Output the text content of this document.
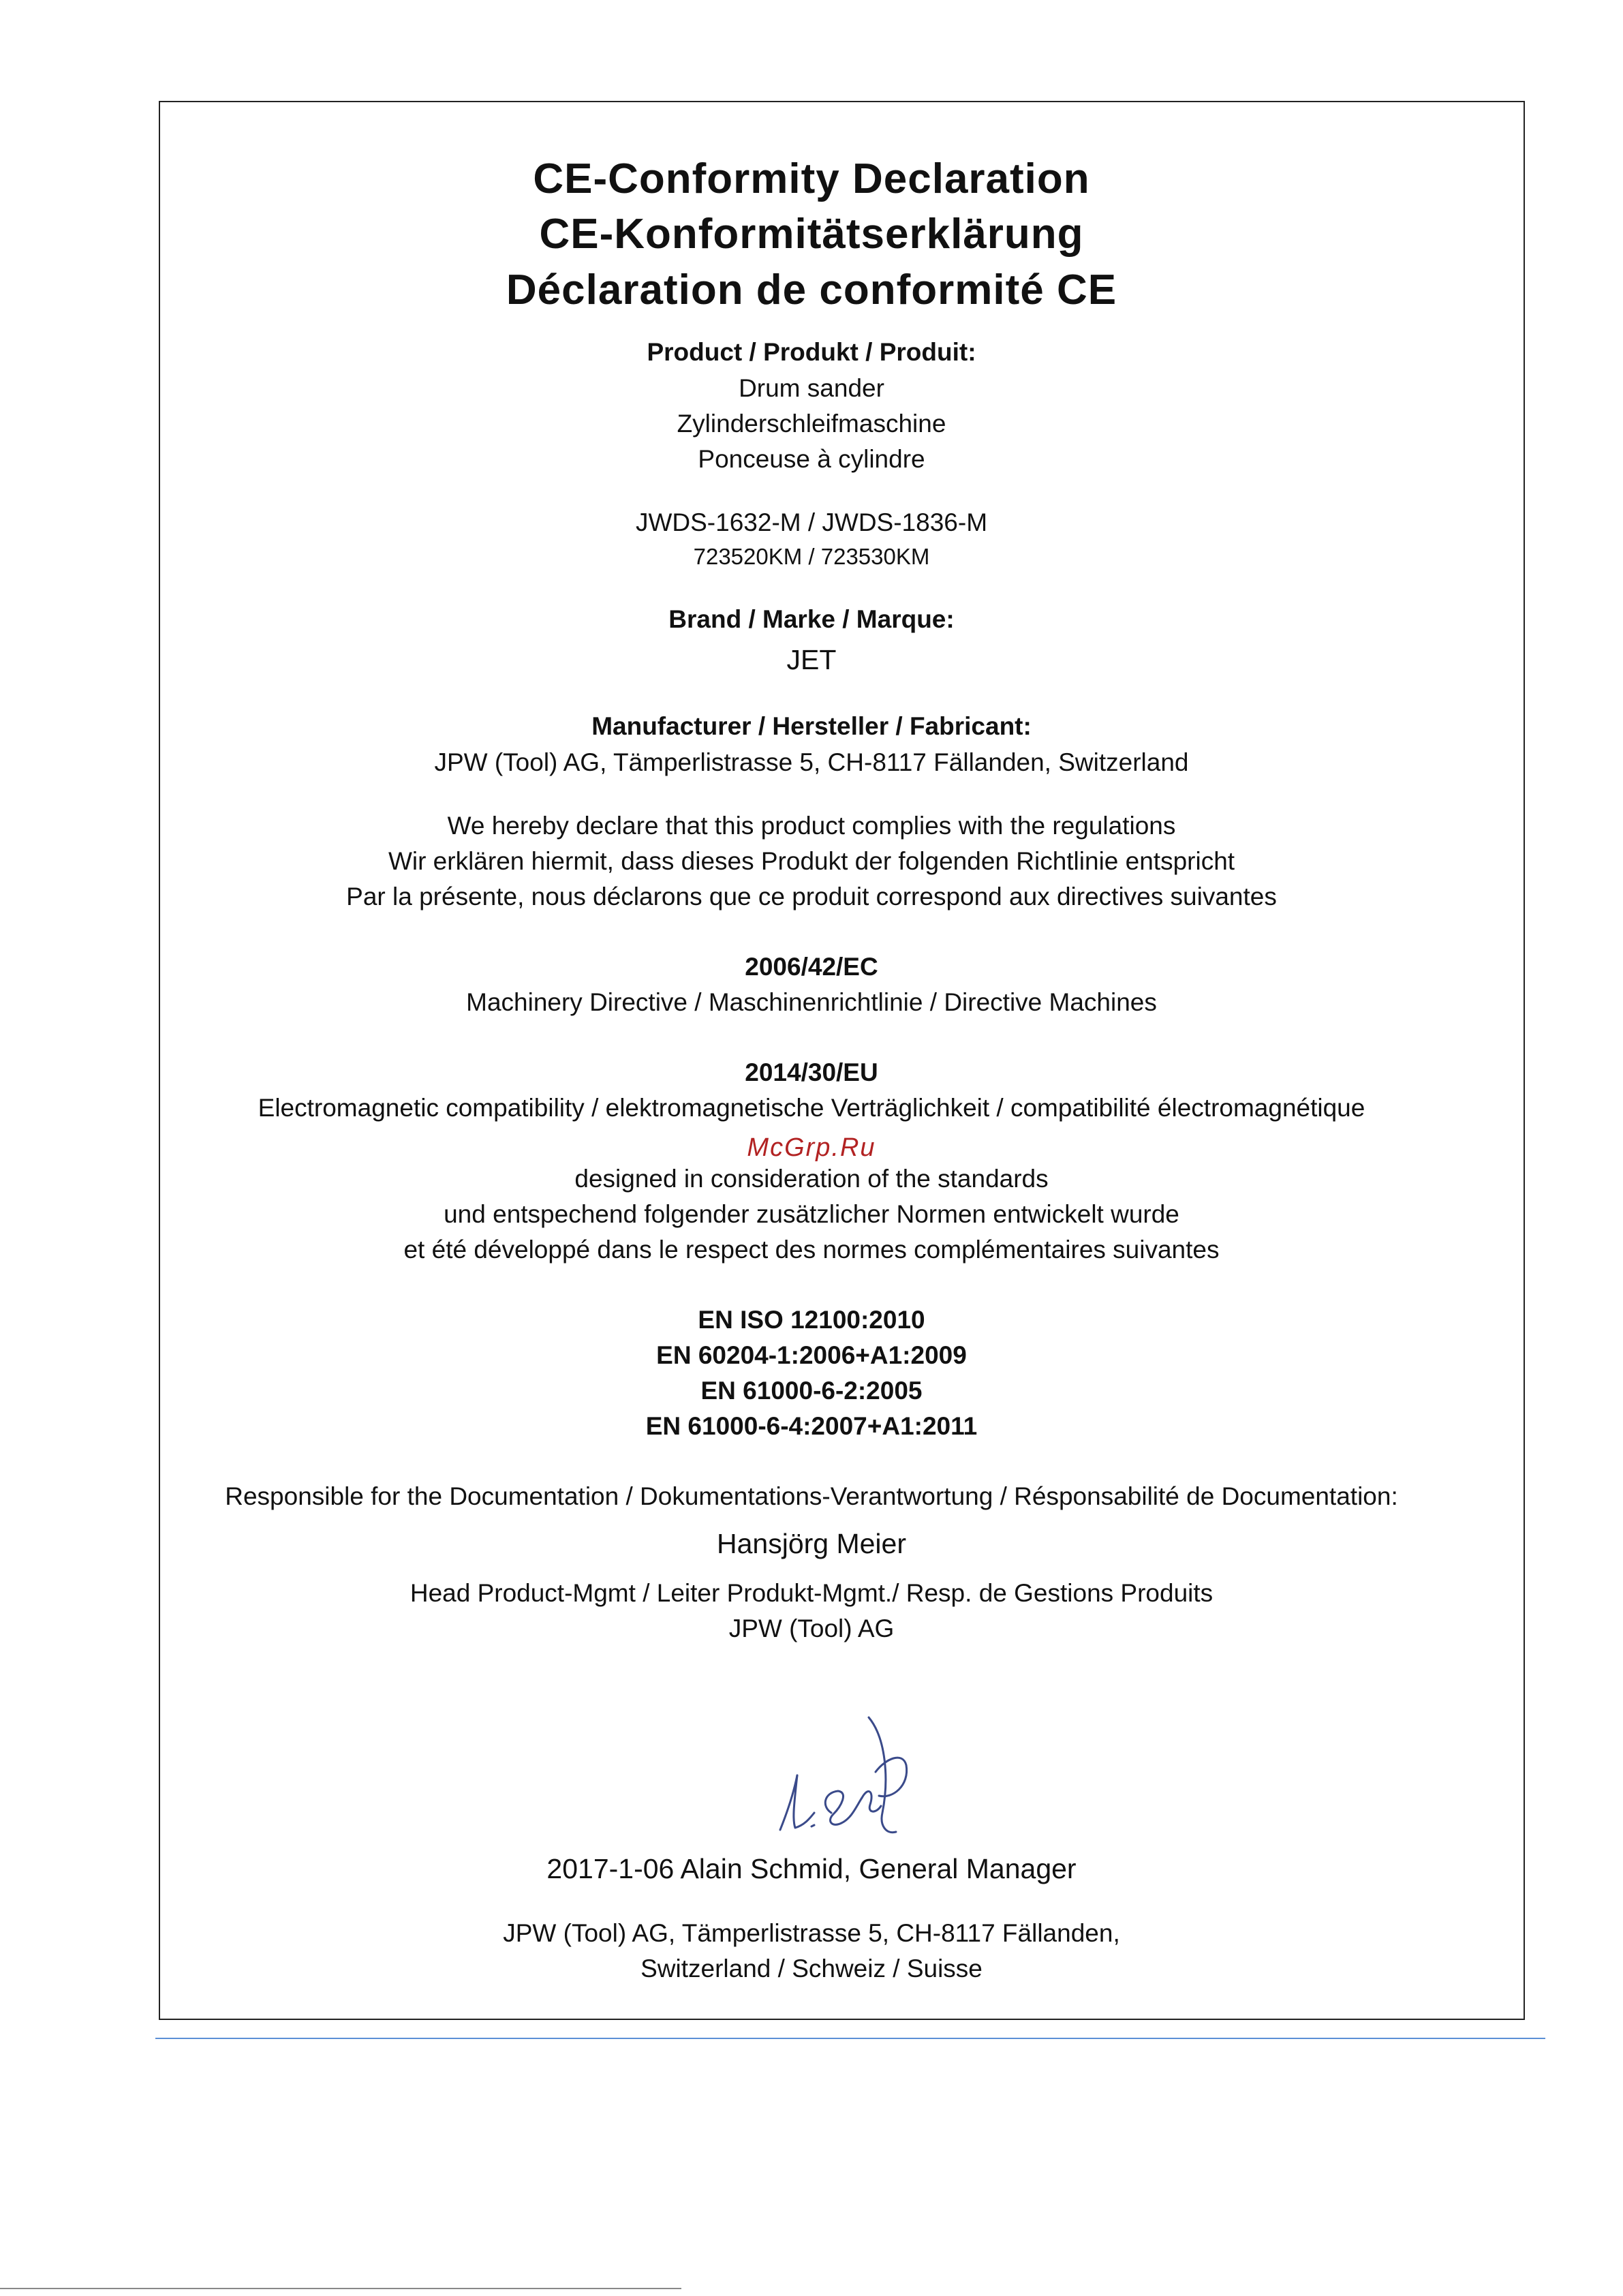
CE-Conformity Declaration
CE-Konformitätserklärung
Déclaration de conformité CE
Product / Produkt / Produit:
Drum sander
Zylinderschleifmaschine
Ponceuse à cylindre
JWDS-1632-M / JWDS-1836-M
723520KM / 723530KM
Brand / Marke / Marque:
JET
Manufacturer / Hersteller / Fabricant:
JPW (Tool) AG, Tämperlistrasse 5, CH-8117 Fällanden, Switzerland
We hereby declare that this product complies with the regulations
Wir erklären hiermit, dass dieses Produkt der folgenden Richtlinie entspricht
Par la présente, nous déclarons que ce produit correspond aux directives suivantes
2006/42/EC
Machinery Directive / Maschinenrichtlinie / Directive Machines
2014/30/EU
Electromagnetic compatibility / elektromagnetische Verträglichkeit / compatibilité électromagnétique
McGrp.Ru
designed in consideration of the standards
und entspechend folgender zusätzlicher Normen entwickelt wurde
et été développé dans le respect des normes complémentaires suivantes
EN ISO 12100:2010
EN 60204-1:2006+A1:2009
EN 61000-6-2:2005
EN 61000-6-4:2007+A1:2011
Responsible for the Documentation / Dokumentations-Verantwortung / Résponsabilité de Documentation:
Hansjörg Meier
Head Product-Mgmt / Leiter Produkt-Mgmt./ Resp. de Gestions Produits
JPW (Tool) AG
2017-1-06 Alain Schmid, General Manager
JPW (Tool) AG, Tämperlistrasse 5, CH-8117 Fällanden,
Switzerland / Schweiz / Suisse
